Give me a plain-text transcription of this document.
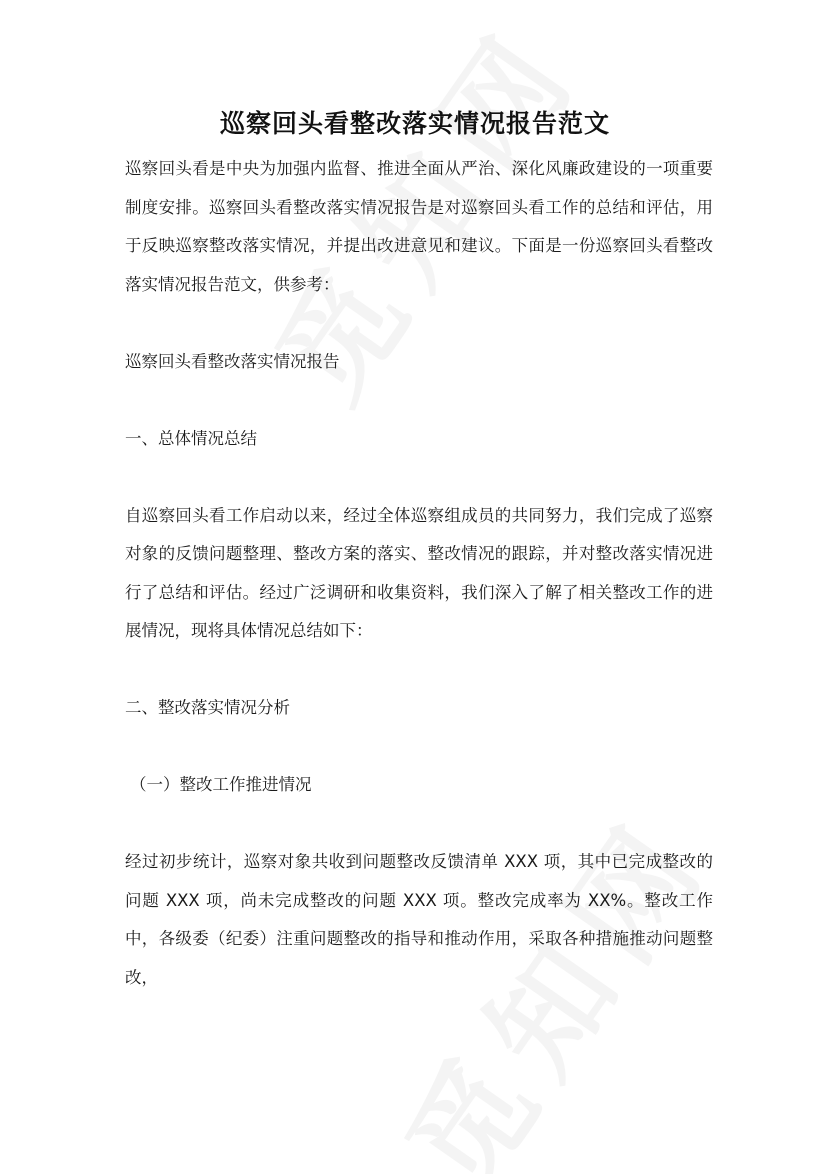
巡察回头看整改落实情况报告范文

巡察回头看是中央为加强内监督、推进全面从严治、深化风廉政建设的一项重要制度安排。巡察回头看整改落实情况报告是对巡察回头看工作的总结和评估，用于反映巡察整改落实情况，并提出改进意见和建议。下面是一份巡察回头看整改落实情况报告范文，供参考：

巡察回头看整改落实情况报告

一、总体情况总结

自巡察回头看工作启动以来，经过全体巡察组成员的共同努力，我们完成了巡察对象的反馈问题整理、整改方案的落实、整改情况的跟踪，并对整改落实情况进行了总结和评估。经过广泛调研和收集资料，我们深入了解了相关整改工作的进展情况，现将具体情况总结如下：

二、整改落实情况分析

（一）整改工作推进情况

经过初步统计，巡察对象共收到问题整改反馈清单 XXX 项，其中已完成整改的问题 XXX 项，尚未完成整改的问题 XXX 项。整改完成率为 XX%。整改工作中，各级委（纪委）注重问题整改的指导和推动作用，采取各种措施推动问题整改，
